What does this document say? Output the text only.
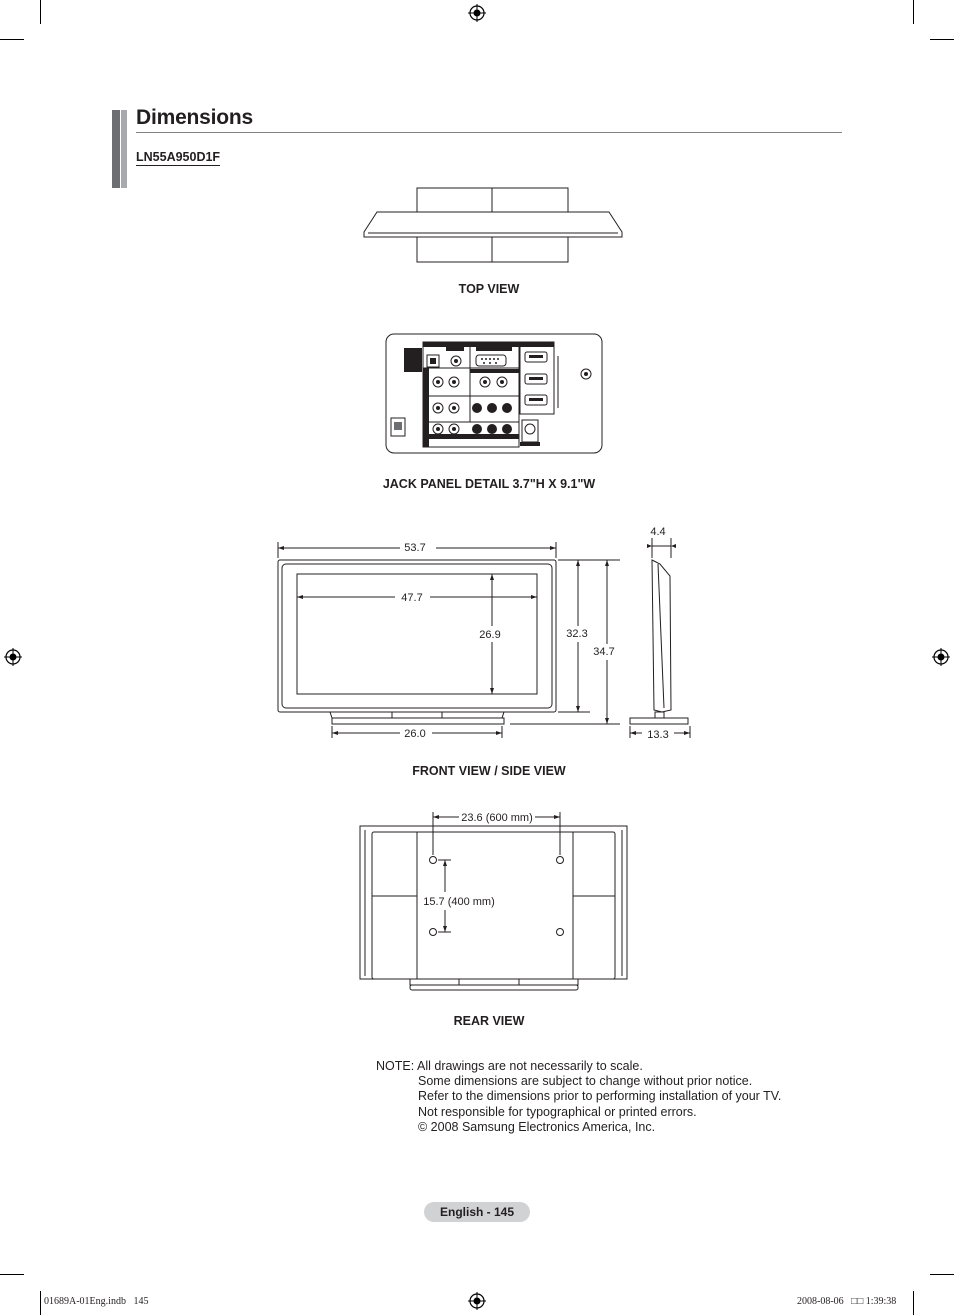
Dimensions
LN55A950D1F
TOP VIEW
JACK PANEL DETAIL 3.7"H X 9.1"W
53.7
47.7
26.9	32.3
34.7
26.0
4.4
13.3
FRONT VIEW / SIDE VIEW
23.6 (600 mm)
15.7 (400 mm)
REAR VIEW
NOTE: All drawings are not necessarily to scale.
Some dimensions are subject to change without prior notice.
Refer to the dimensions prior to performing installation of your TV.
Not responsible for typographical or printed errors.
© 2008 Samsung Electronics America, Inc.
English - 145
01689A-01Eng.indb   145	2008-08-06   □□ 1:39:38
